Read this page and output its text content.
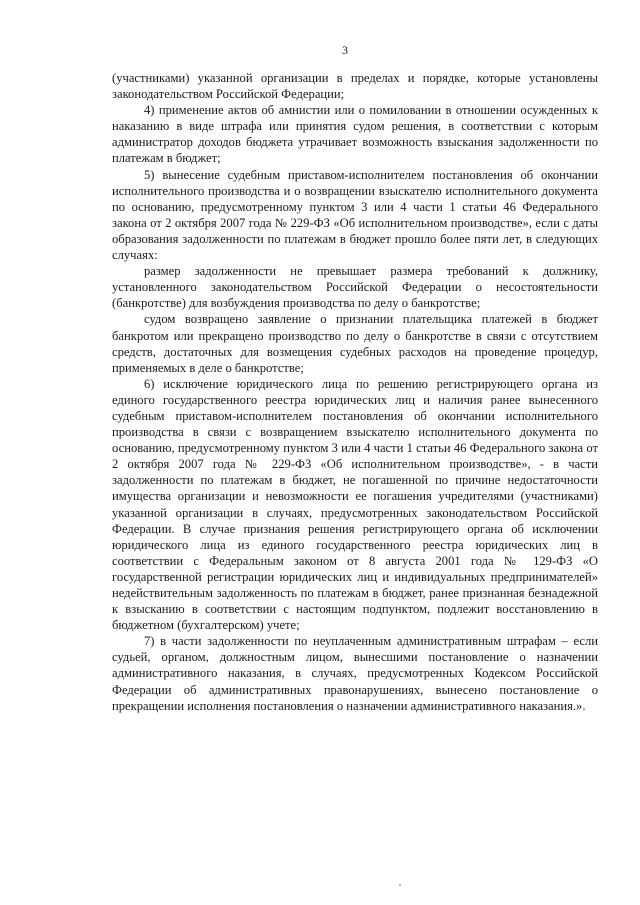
3

(участниками) указанной организации в пределах и порядке, которые установлены законодательством Российской Федерации;

4) применение актов об амнистии или о помиловании в отношении осужденных к наказанию в виде штрафа или принятия судом решения, в соответствии с которым администратор доходов бюджета утрачивает возможность взыскания задолженности по платежам в бюджет;

5) вынесение судебным приставом-исполнителем постановления об окончании исполнительного производства и о возвращении взыскателю исполнительного документа по основанию, предусмотренному пунктом 3 или 4 части 1 статьи 46 Федерального закона от 2 октября 2007 года № 229-ФЗ «Об исполнительном производстве», если с даты образования задолженности по платежам в бюджет прошло более пяти лет, в следующих случаях:

размер задолженности не превышает размера требований к должнику, установленного законодательством Российской Федерации о несостоятельности (банкротстве) для возбуждения производства по делу о банкротстве;

судом возвращено заявление о признании плательщика платежей в бюджет банкротом или прекращено производство по делу о банкротстве в связи с отсутствием средств, достаточных для возмещения судебных расходов на проведение процедур, применяемых в деле о банкротстве;

6) исключение юридического лица по решению регистрирующего органа из единого государственного реестра юридических лиц и наличия ранее вынесенного судебным приставом-исполнителем постановления об окончании исполнительного производства в связи с возвращением взыскателю исполнительного документа по основанию, предусмотренному пунктом 3 или 4 части 1 статьи 46 Федерального закона от 2 октября 2007 года № 229-ФЗ «Об исполнительном производстве», - в части задолженности по платежам в бюджет, не погашенной по причине недостаточности имущества организации и невозможности ее погашения учредителями (участниками) указанной организации в случаях, предусмотренных законодательством Российской Федерации. В случае признания решения регистрирующего органа об исключении юридического лица из единого государственного реестра юридических лиц в соответствии с Федеральным законом от 8 августа 2001 года № 129-ФЗ «О государственной регистрации юридических лиц и индивидуальных предпринимателей» недействительным задолженность по платежам в бюджет, ранее признанная безнадежной к взысканию в соответствии с настоящим подпунктом, подлежит восстановлению в бюджетном (бухгалтерском) учете;

7) в части задолженности по неуплаченным административным штрафам – если судьей, органом, должностным лицом, вынесшими постановление о назначении административного наказания, в случаях, предусмотренных Кодексом Российской Федерации об административных правонарушениях, вынесено постановление о прекращении исполнения постановления о назначении административного наказания.».
